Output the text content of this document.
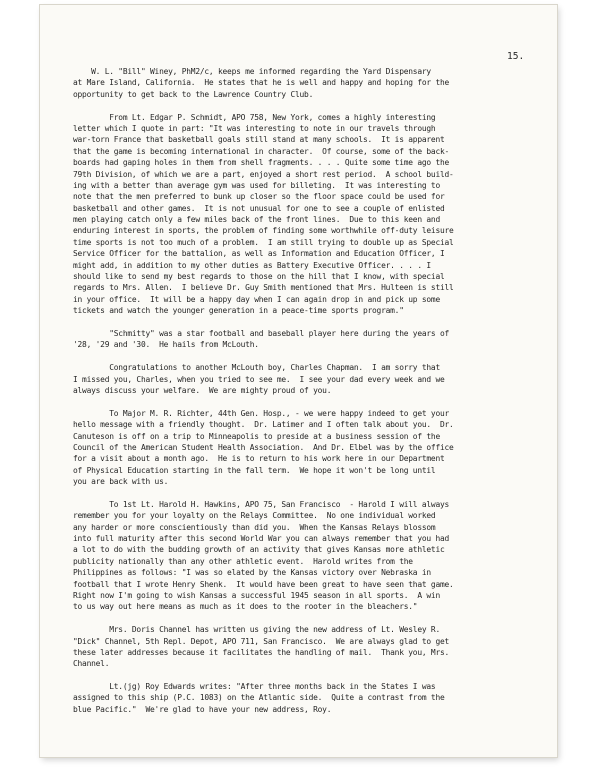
15.
W. L. "Bill" Winey, PhM2/c, keeps me informed regarding the Yard Dispensary
at Mare Island, California.  He states that he is well and happy and hoping for the
opportunity to get back to the Lawrence Country Club.
From Lt. Edgar P. Schmidt, APO 758, New York, comes a highly interesting
letter which I quote in part: "It was interesting to note in our travels through
war-torn France that basketball goals still stand at many schools.  It is apparent
that the game is becoming international in character.  Of course, some of the back-
boards had gaping holes in them from shell fragments. . . . Quite some time ago the
79th Division, of which we are a part, enjoyed a short rest period.  A school build-
ing with a better than average gym was used for billeting.  It was interesting to
note that the men preferred to bunk up closer so the floor space could be used for
basketball and other games.  It is not unusual for one to see a couple of enlisted
men playing catch only a few miles back of the front lines.  Due to this keen and
enduring interest in sports, the problem of finding some worthwhile off-duty leisure
time sports is not too much of a problem.  I am still trying to double up as Special
Service Officer for the battalion, as well as Information and Education Officer, I
might add, in addition to my other duties as Battery Executive Officer. . . . I
should like to send my best regards to those on the hill that I know, with special
regards to Mrs. Allen.  I believe Dr. Guy Smith mentioned that Mrs. Hulteen is still
in your office.  It will be a happy day when I can again drop in and pick up some
tickets and watch the younger generation in a peace-time sports program."
"Schmitty" was a star football and baseball player here during the years of
'28, '29 and '30.  He hails from McLouth.
Congratulations to another McLouth boy, Charles Chapman.  I am sorry that
I missed you, Charles, when you tried to see me.  I see your dad every week and we
always discuss your welfare.  We are mighty proud of you.
To Major M. R. Richter, 44th Gen. Hosp., - we were happy indeed to get your
hello message with a friendly thought.  Dr. Latimer and I often talk about you.  Dr.
Canuteson is off on a trip to Minneapolis to preside at a business session of the
Council of the American Student Health Association.  And Dr. Elbel was by the office
for a visit about a month ago.  He is to return to his work here in our Department
of Physical Education starting in the fall term.  We hope it won't be long until
you are back with us.
To 1st Lt. Harold H. Hawkins, APO 75, San Francisco  - Harold I will always
remember you for your loyalty on the Relays Committee.  No one individual worked
any harder or more conscientiously than did you.  When the Kansas Relays blossom
into full maturity after this second World War you can always remember that you had
a lot to do with the budding growth of an activity that gives Kansas more athletic
publicity nationally than any other athletic event.  Harold writes from the
Philippines as follows: "I was so elated by the Kansas victory over Nebraska in
football that I wrote Henry Shenk.  It would have been great to have seen that game.
Right now I'm going to wish Kansas a successful 1945 season in all sports.  A win
to us way out here means as much as it does to the rooter in the bleachers."
Mrs. Doris Channel has written us giving the new address of Lt. Wesley R.
"Dick" Channel, 5th Repl. Depot, APO 711, San Francisco.  We are always glad to get
these later addresses because it facilitates the handling of mail.  Thank you, Mrs.
Channel.
Lt.(jg) Roy Edwards writes: "After three months back in the States I was
assigned to this ship (P.C. 1083) on the Atlantic side.  Quite a contrast from the
blue Pacific."  We're glad to have your new address, Roy.
